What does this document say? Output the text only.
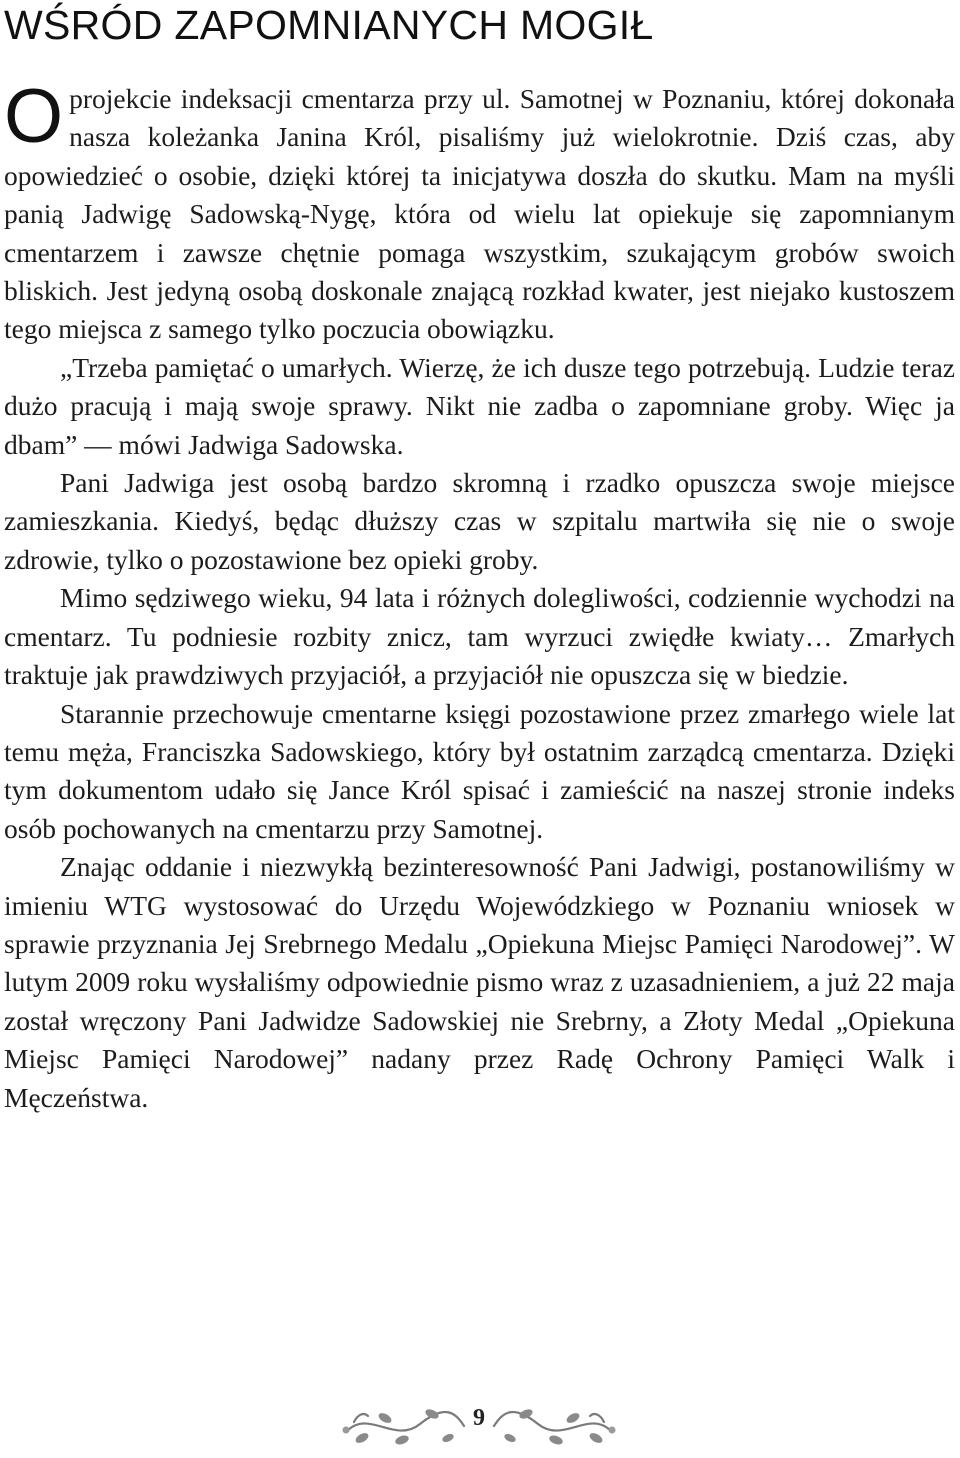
WŚRÓD ZAPOMNIANYCH MOGIŁ

Oprojekcie indeksacji cmentarza przy ul. Samotnej w Poznaniu, której dokonała nasza koleżanka Janina Król, pisaliśmy już wielokrotnie. Dziś czas, aby opowiedzieć o osobie, dzięki której ta inicjatywa doszła do skutku. Mam na myśli panią Jadwigę Sadowską-Nygę, która od wielu lat opiekuje się zapomnianym cmentarzem i zawsze chętnie pomaga wszystkim, szukającym grobów swoich bliskich. Jest jedyną osobą doskonale znającą rozkład kwater, jest niejako kustoszem tego miejsca z samego tylko poczucia obowiązku.

„Trzeba pamiętać o umarłych. Wierzę, że ich dusze tego potrzebują. Ludzie teraz dużo pracują i mają swoje sprawy. Nikt nie zadba o zapomniane groby. Więc ja dbam” — mówi Jadwiga Sadowska.

Pani Jadwiga jest osobą bardzo skromną i rzadko opuszcza swoje miejsce zamieszkania. Kiedyś, będąc dłuższy czas w szpitalu martwiła się nie o swoje zdrowie, tylko o pozostawione bez opieki groby.

Mimo sędziwego wieku, 94 lata i różnych dolegliwości, codziennie wychodzi na cmentarz. Tu podniesie rozbity znicz, tam wyrzuci zwiędłe kwiaty… Zmarłych traktuje jak prawdziwych przyjaciół, a przyjaciół nie opuszcza się w biedzie.

Starannie przechowuje cmentarne księgi pozostawione przez zmarłego wiele lat temu męża, Franciszka Sadowskiego, który był ostatnim zarządcą cmentarza. Dzięki tym dokumentom udało się Jance Król spisać i zamieścić na naszej stronie indeks osób pochowanych na cmentarzu przy Samotnej.

Znając oddanie i niezwykłą bezinteresowność Pani Jadwigi, postanowiliśmy w imieniu WTG wystosować do Urzędu Wojewódzkiego w Poznaniu wniosek w sprawie przyznania Jej Srebrnego Medalu „Opiekuna Miejsc Pamięci Narodowej”. W lutym 2009 roku wysłaliśmy odpowiednie pismo wraz z uzasadnieniem, a już 22 maja został wręczony Pani Jadwidze Sadowskiej nie Srebrny, a Złoty Medal „Opiekuna Miejsc Pamięci Narodowej” nadany przez Radę Ochrony Pamięci Walk i Męczeństwa.

9
